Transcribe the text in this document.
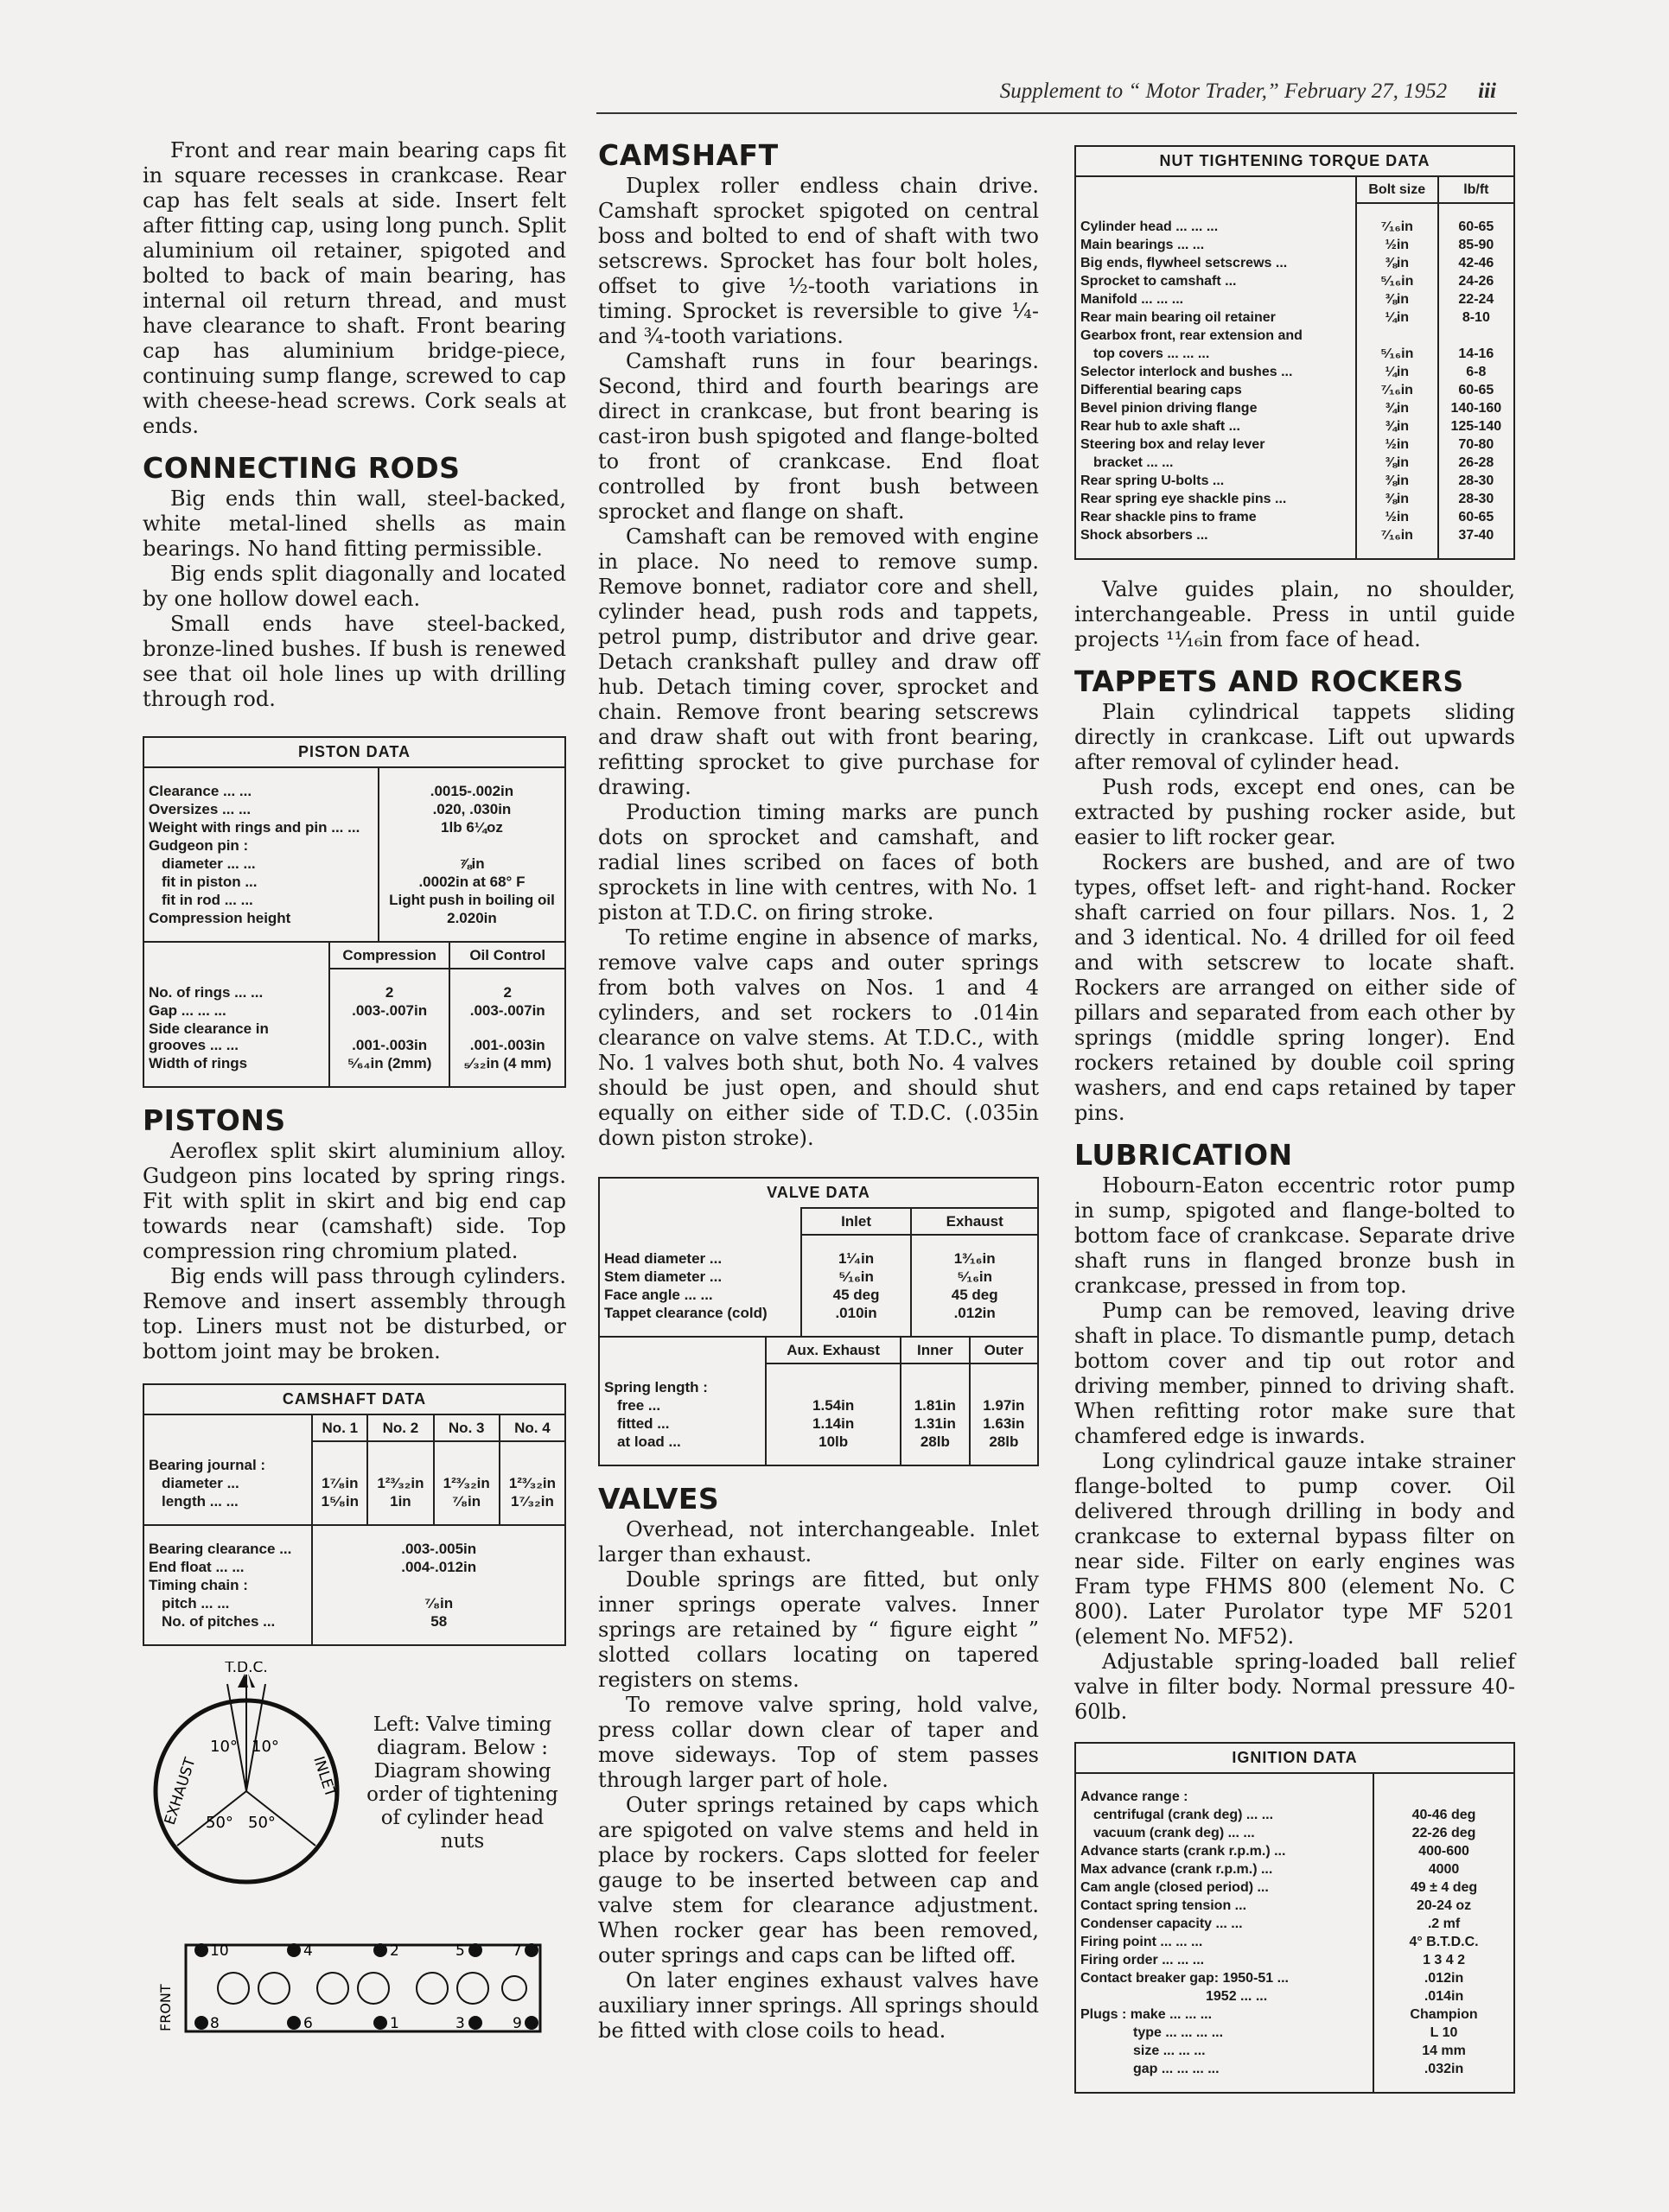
Supplement to “ Motor Trader,” February 27, 1952 iii

Front and rear main bearing caps fit in square recesses in crankcase. Rear cap has felt seals at side. Insert felt after fitting cap, using long punch. Split aluminium oil retainer, spigoted and bolted to back of main bearing, has internal oil return thread, and must have clearance to shaft. Front bearing cap has aluminium bridge-piece, continuing sump flange, screwed to cap with cheese-head screws. Cork seals at ends.

CONNECTING RODS

Big ends thin wall, steel-backed, white metal-lined shells as main bearings. No hand fitting permissible.

Big ends split diagonally and located by one hollow dowel each.

Small ends have steel-backed, bronze-lined bushes. If bush is renewed see that oil hole lines up with drilling through rod.

PISTON DATA

Clearance ... ...	.0015-.002in
Oversizes ... ...	.020, .030in
Weight with rings and pin ... ...	1lb 6¼oz
Gudgeon pin :	
diameter ... ...	⅞in
fit in piston ...	.0002in at 68° F
fit in rod ... ...	Light push in boiling oil
Compression height	2.020in

	Compression	Oil Control

No. of rings ... ...	2	2
Gap ... ... ...	.003-.007in	.003-.007in
Side clearance in grooves ... ...	.001-.003in	.001-.003in
Width of rings	⁵⁄₆₄in (2mm)	₅⁄₃₂in (4 mm)

PISTONS

Aeroflex split skirt aluminium alloy. Gudgeon pins located by spring rings. Fit with split in skirt and big end cap towards near (camshaft) side. Top compression ring chromium plated.

Big ends will pass through cylinders. Remove and insert assembly through top. Liners must not be disturbed, or bottom joint may be broken.

CAMSHAFT DATA
	No. 1	No. 2	No. 3	No. 4

Bearing journal :				
diameter ...	1⁷⁄₈in	1²³⁄₃₂in	1²³⁄₃₂in	1²³⁄₃₂in
length ... ...	1⁵⁄₈in	1in	⁷⁄₈in	1⁷⁄₃₂in

Bearing clearance ...	.003-.005in
End float ... ...	.004-.012in
Timing chain :	
pitch ... ...	⁷⁄₈in
No. of pitches ...	58

T.D.C.
10° 10°
50° 50°
EXHAUST	INLET
Left: Valve timing diagram. Below : Diagram showing order of tightening of cylinder head nuts
10	4	2	5	7
8	6	1	3	9
FRONT
CAMSHAFT

Duplex roller endless chain drive. Camshaft sprocket spigoted on central boss and bolted to end of shaft with two setscrews. Sprocket has four bolt holes, offset to give ½-tooth variations in timing. Sprocket is reversible to give ¼- and ¾-tooth variations.

Camshaft runs in four bearings. Second, third and fourth bearings are direct in crankcase, but front bearing is cast-iron bush spigoted and flange-bolted to front of crankcase. End float controlled by front bush between sprocket and flange on shaft.

Camshaft can be removed with engine in place. No need to remove sump. Remove bonnet, radiator core and shell, cylinder head, push rods and tappets, petrol pump, distributor and drive gear. Detach crankshaft pulley and draw off hub. Detach timing cover, sprocket and chain. Remove front bearing setscrews and draw shaft out with front bearing, refitting sprocket to give purchase for drawing.

Production timing marks are punch dots on sprocket and camshaft, and radial lines scribed on faces of both sprockets in line with centres, with No. 1 piston at T.D.C. on firing stroke.

To retime engine in absence of marks, remove valve caps and outer springs from both valves on Nos. 1 and 4 cylinders, and set rockers to .014in clearance on valve stems. At T.D.C., with No. 1 valves both shut, both No. 4 valves should be just open, and should shut equally on either side of T.D.C. (.035in down piston stroke).

VALVE DATA
	Inlet	Exhaust

Head diameter ...	1¹⁄₄in	1³⁄₁₆in
Stem diameter ...	⁵⁄₁₆in	⁵⁄₁₆in
Face angle ... ...	45 deg	45 deg
Tappet clearance (cold)	.010in	.012in

	Aux. Exhaust	Inner	Outer

Spring length :			
free ...	1.54in	1.81in	1.97in
fitted ...	1.14in	1.31in	1.63in
at load ...	10lb	28lb	28lb

VALVES

Overhead, not interchangeable. Inlet larger than exhaust.

Double springs are fitted, but only inner springs operate valves. Inner springs are retained by “ figure eight ” slotted collars locating on tapered registers on stems.

To remove valve spring, hold valve, press collar down clear of taper and move sideways. Top of stem passes through larger part of hole.

Outer springs retained by caps which are spigoted on valve stems and held in place by rockers. Caps slotted for feeler gauge to be inserted between cap and valve stem for clearance adjustment. When rocker gear has been removed, outer springs and caps can be lifted off.

On later engines exhaust valves have auxiliary inner springs. All springs should be fitted with close coils to head.

NUT TIGHTENING TORQUE DATA
	Bolt size	lb/ft

Cylinder head ... ... ...	⁷⁄₁₆in	60-65
Main bearings ... ...	½in	85-90
Big ends, flywheel setscrews ...	⅜in	42-46
Sprocket to camshaft ...	⁵⁄₁₆in	24-26
Manifold ... ... ...	⅜in	22-24
Rear main bearing oil retainer	¼in	8-10
Gearbox front, rear extension and		
top covers ... ... ...	⁵⁄₁₆in	14-16
Selector interlock and bushes ...	¼in	6-8
Differential bearing caps	⁷⁄₁₆in	60-65
Bevel pinion driving flange	¾in	140-160
Rear hub to axle shaft ...	¾in	125-140
Steering box and relay lever	½in	70-80
bracket ... ...	⅜in	26-28
Rear spring U-bolts ...	⅜in	28-30
Rear spring eye shackle pins ...	⅜in	28-30
Rear shackle pins to frame	½in	60-65
Shock absorbers ...	⁷⁄₁₆in	37-40

Valve guides plain, no shoulder, interchangeable. Press in until guide projects ¹¹⁄₁₆in from face of head.

TAPPETS AND ROCKERS

Plain cylindrical tappets sliding directly in crankcase. Lift out upwards after removal of cylinder head.

Push rods, except end ones, can be extracted by pushing rocker aside, but easier to lift rocker gear.

Rockers are bushed, and are of two types, offset left- and right-hand. Rocker shaft carried on four pillars. Nos. 1, 2 and 3 identical. No. 4 drilled for oil feed and with setscrew to locate shaft. Rockers are arranged on either side of pillars and separated from each other by springs (middle spring longer). End rockers retained by double coil spring washers, and end caps retained by taper pins.

LUBRICATION

Hobourn-Eaton eccentric rotor pump in sump, spigoted and flange-bolted to bottom face of crankcase. Separate drive shaft runs in flanged bronze bush in crankcase, pressed in from top.

Pump can be removed, leaving drive shaft in place. To dismantle pump, detach bottom cover and tip out rotor and driving member, pinned to driving shaft. When refitting rotor make sure that chamfered edge is inwards.

Long cylindrical gauze intake strainer flange-bolted to pump cover. Oil delivered through drilling in body and crankcase to external bypass filter on near side. Filter on early engines was Fram type FHMS 800 (element No. C 800). Later Purolator type MF 5201 (element No. MF52).

Adjustable spring-loaded ball relief valve in filter body. Normal pressure 40-60lb.

IGNITION DATA

Advance range :	
centrifugal (crank deg) ... ...	40-46 deg
vacuum (crank deg) ... ...	22-26 deg
Advance starts (crank r.p.m.) ...	400-600
Max advance (crank r.p.m.) ...	4000
Cam angle (closed period) ...	49 ± 4 deg
Contact spring tension ...	20-24 oz
Condenser capacity ... ...	.2 mf
Firing point ... ... ...	4° B.T.D.C.
Firing order ... ... ...	1 3 4 2
Contact breaker gap: 1950-51 ...	.012in
1952 ... ...	.014in
Plugs : make ... ... ...	Champion
type ... ... ... ...	L 10
size ... ... ...	14 mm
gap ... ... ... ...	.032in
